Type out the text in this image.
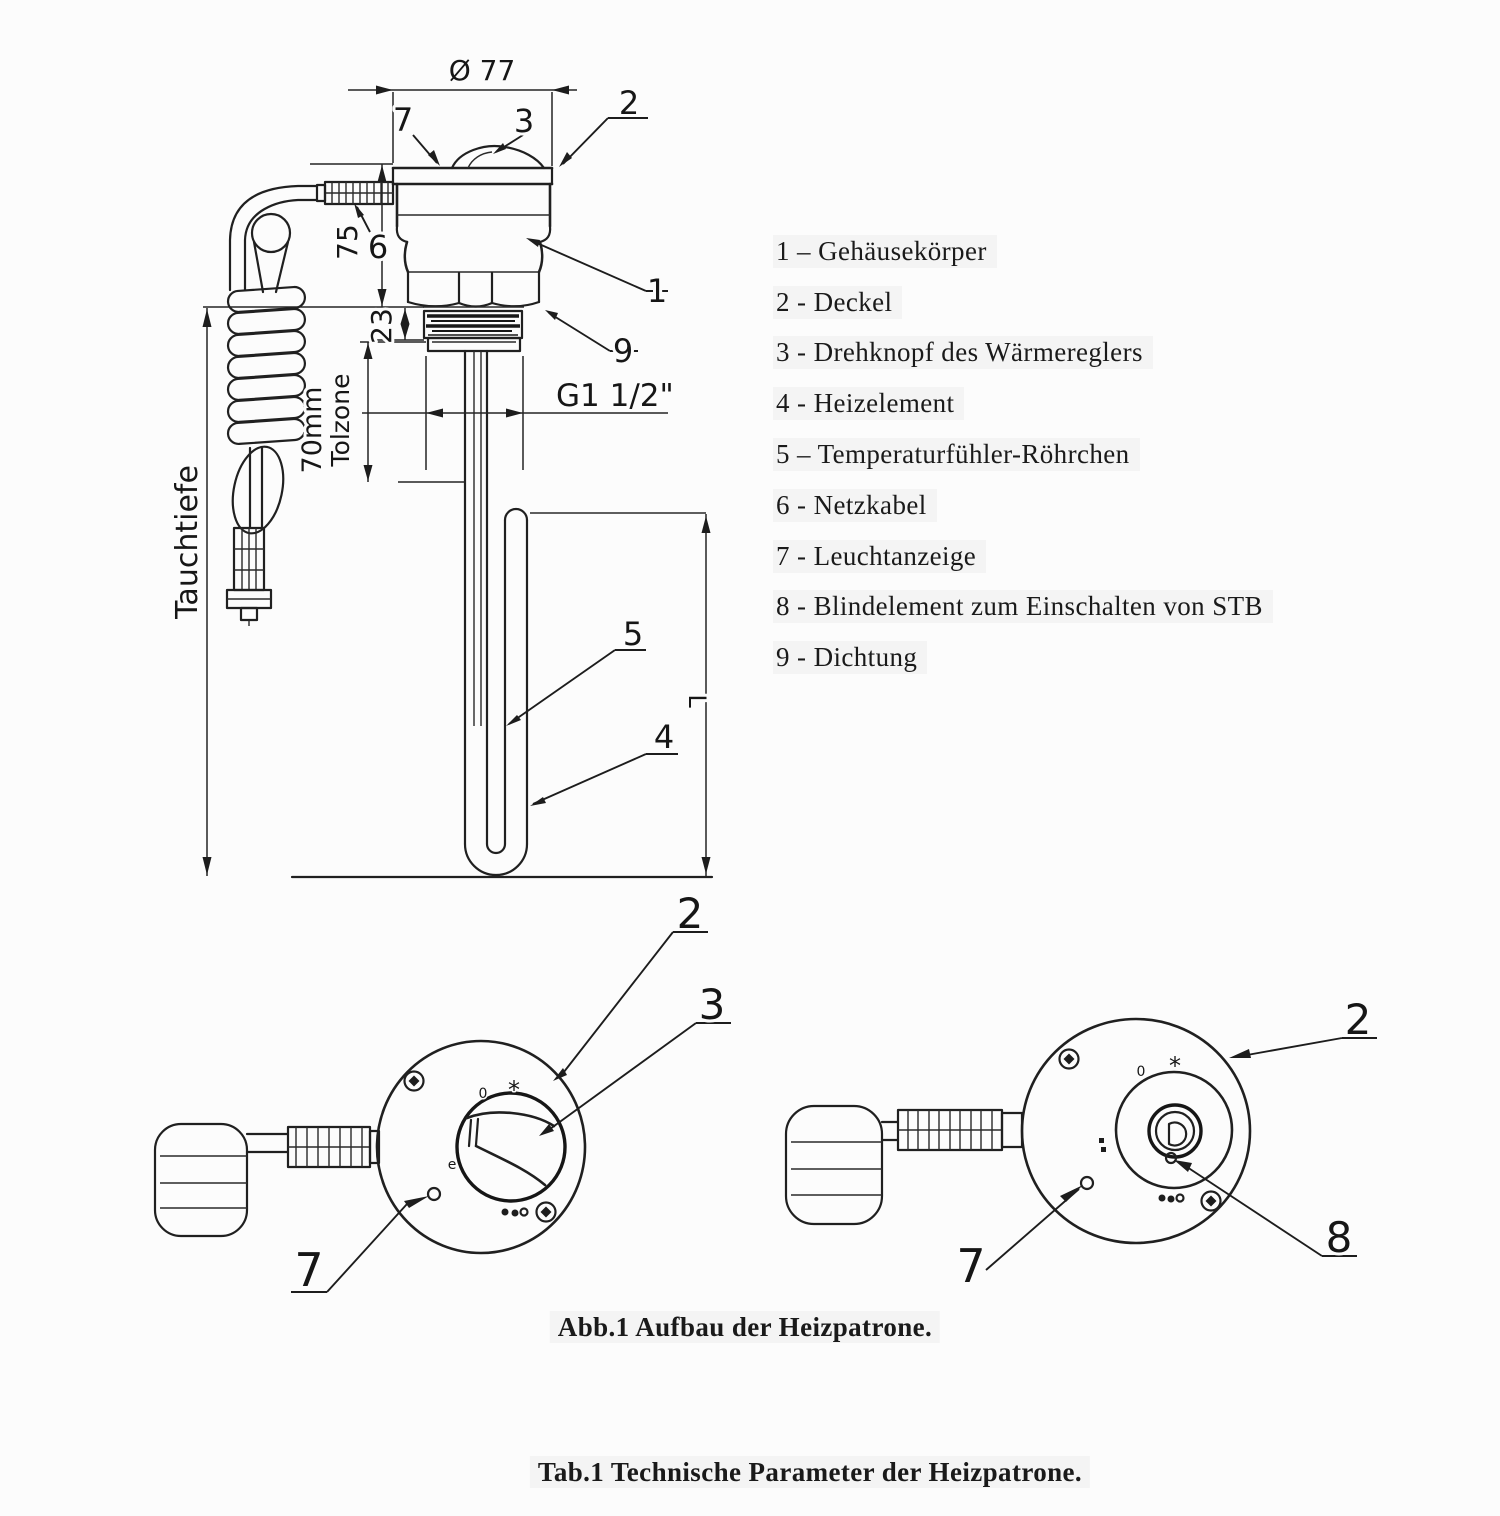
Ø 77
75
23
70mm
Tolzone
Tauchtiefe
G1 1/2"
L
7	3	2
6
1
9
5
4
0 *
e
2
3
7
0 *
2
8
7
1 – Gehäusekörper
2 - Deckel
3 - Drehknopf des Wärmereglers
4 - Heizelement
5 – Temperaturfühler-Röhrchen
6 - Netzkabel
7 - Leuchtanzeige
8 - Blindelement zum Einschalten von STB
9 - Dichtung
Abb.1 Aufbau der Heizpatrone.
Tab.1 Technische Parameter der Heizpatrone.
